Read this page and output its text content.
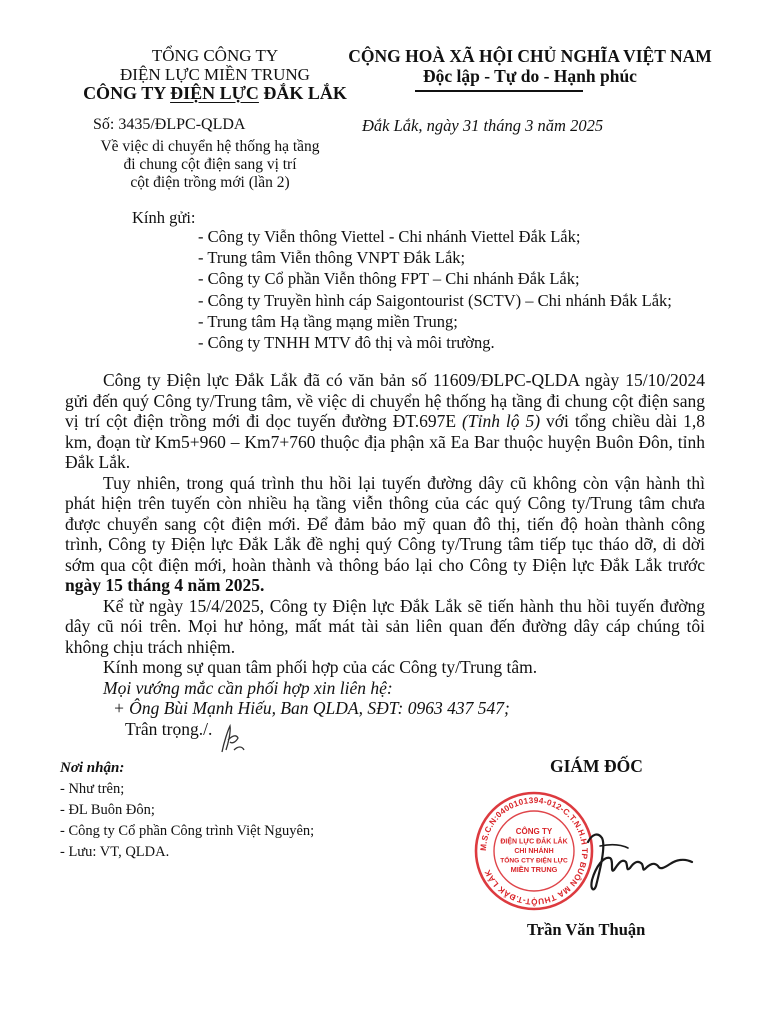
TỔNG CÔNG TY
ĐIỆN LỰC MIỀN TRUNG
CÔNG TY ĐIỆN LỰC ĐẮK LẮK
CỘNG HOÀ XÃ HỘI CHỦ NGHĨA VIỆT NAM
Độc lập - Tự do - Hạnh phúc
Số: 3435/ĐLPC-QLDA
Về việc di chuyển hệ thống hạ tầng
đi chung cột điện sang vị trí
cột điện trồng mới (lần 2)
Đắk Lắk, ngày 31 tháng 3 năm 2025
Kính gửi:
- Công ty Viễn thông Viettel - Chi nhánh Viettel Đắk Lắk;
- Trung tâm Viễn thông VNPT Đắk Lắk;
- Công ty Cổ phần Viễn thông FPT – Chi nhánh Đắk Lắk;
- Công ty Truyền hình cáp Saigontourist (SCTV) – Chi nhánh Đắk Lắk;
- Trung tâm Hạ tầng mạng miền Trung;
- Công ty TNHH MTV đô thị và môi trường.

Công ty Điện lực Đắk Lắk đã có văn bản số 11609/ĐLPC-QLDA ngày 15/10/2024 gửi đến quý Công ty/Trung tâm, về việc di chuyển hệ thống hạ tầng đi chung cột điện sang vị trí cột điện trồng mới đi dọc tuyến đường ĐT.697E (Tỉnh lộ 5) với tổng chiều dài 1,8 km, đoạn từ Km5+960 – Km7+760 thuộc địa phận xã Ea Bar thuộc huyện Buôn Đôn, tỉnh Đắk Lắk.

Tuy nhiên, trong quá trình thu hồi lại tuyến đường dây cũ không còn vận hành thì phát hiện trên tuyến còn nhiều hạ tầng viễn thông của các quý Công ty/Trung tâm chưa được chuyển sang cột điện mới. Để đảm bảo mỹ quan đô thị, tiến độ hoàn thành công trình, Công ty Điện lực Đắk Lắk đề nghị quý Công ty/Trung tâm tiếp tục tháo dỡ, di dời sớm qua cột điện mới, hoàn thành và thông báo lại cho Công ty Điện lực Đắk Lắk trước ngày 15 tháng 4 năm 2025.

Kể từ ngày 15/4/2025, Công ty Điện lực Đắk Lắk sẽ tiến hành thu hồi tuyến đường dây cũ nói trên. Mọi hư hỏng, mất mát tài sản liên quan đến đường dây cáp chúng tôi không chịu trách nhiệm.

Kính mong sự quan tâm phối hợp của các Công ty/Trung tâm.

Mọi vướng mắc cần phối hợp xin liên hệ:
+ Ông Bùi Mạnh Hiếu, Ban QLDA, SĐT: 0963 437 547;
Trân trọng./.
Nơi nhận:
- Như trên;
- ĐL Buôn Đôn;
- Công ty Cổ phần Công trình Việt Nguyên;
- Lưu: VT, QLDA.
GIÁM ĐỐC
M.S.C.N:0400101394-012-C.T.N.H.H TP BUÔN MA THUỘT-T.ĐẮK LẮK
CÔNG TY
ĐIỆN LỰC ĐẮK LẮK
CHI NHÁNH
TỔNG CTY ĐIỆN LỰC
MIỀN TRUNG
Trần Văn Thuận
